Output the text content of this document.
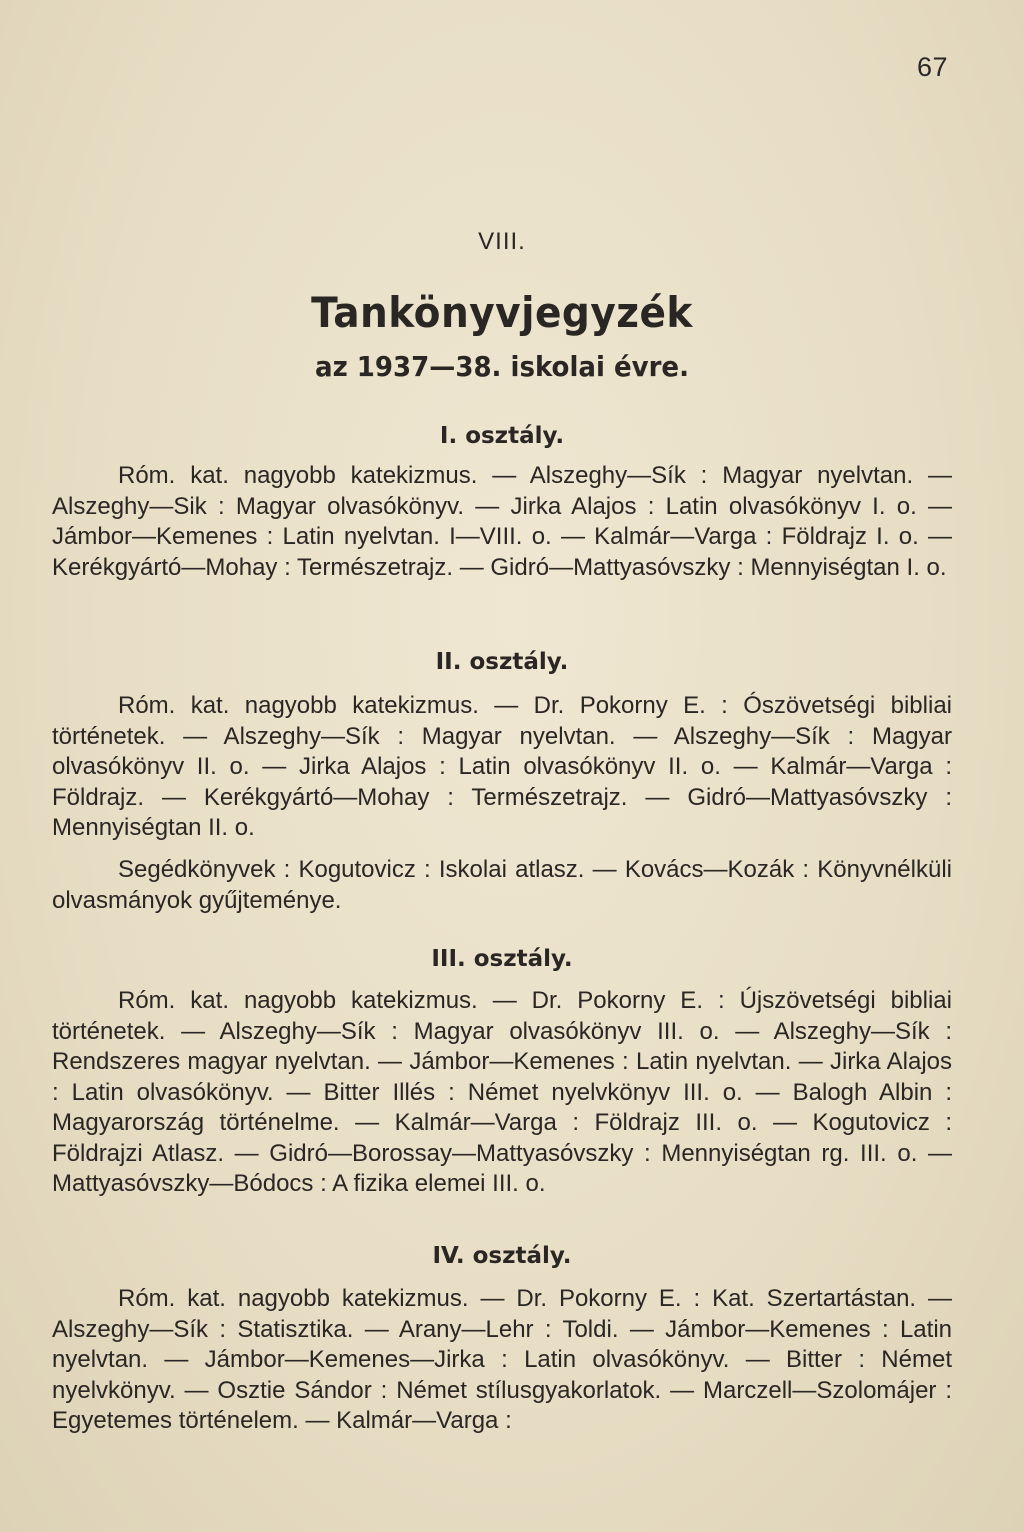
67
VIII.
Tankönyvjegyzék
az 1937—38. iskolai évre.
I. osztály.

Róm. kat. nagyobb katekizmus. — Alszeghy—Sík : Magyar nyelvtan. — Alszeghy—Sik : Magyar olvasókönyv. — Jirka Alajos : Latin olvasókönyv I. o. — Jámbor—Kemenes : Latin nyelvtan. I—VIII. o. — Kalmár—Varga : Földrajz I. o. — Kerékgyártó—Mohay : Természetrajz. — Gidró—Mattyasóvszky : Mennyiségtan I. o.

II. osztály.

Róm. kat. nagyobb katekizmus. — Dr. Pokorny E. : Ószövetségi bibliai történetek. — Alszeghy—Sík : Magyar nyelvtan. — Alszeghy—Sík : Magyar olvasókönyv II. o. — Jirka Alajos : Latin olvasókönyv II. o. — Kalmár—Varga : Földrajz. — Kerékgyártó—Mohay : Természetrajz. — Gidró—Mattyasóvszky : Mennyiségtan II. o.

Segédkönyvek : Kogutovicz : Iskolai atlasz. — Kovács—Kozák : Könyvnélküli olvasmányok gyűjteménye.

III. osztály.

Róm. kat. nagyobb katekizmus. — Dr. Pokorny E. : Újszövetségi bibliai történetek. — Alszeghy—Sík : Magyar olvasókönyv III. o. — Alszeghy—Sík : Rendszeres magyar nyelvtan. — Jámbor—Kemenes : Latin nyelvtan. — Jirka Alajos : Latin olvasókönyv. — Bitter Illés : Német nyelvkönyv III. o. — Balogh Albin : Magyarország történelme. — Kalmár—Varga : Földrajz III. o. — Kogutovicz : Földrajzi Atlasz. — Gidró—Borossay—Mattyasóvszky : Mennyiségtan rg. III. o. — Mattyasóvszky—Bódocs : A fizika elemei III. o.

IV. osztály.

Róm. kat. nagyobb katekizmus. — Dr. Pokorny E. : Kat. Szertartástan. — Alszeghy—Sík : Statisztika. — Arany—Lehr : Toldi. — Jámbor—Kemenes : Latin nyelvtan. — Jámbor—Kemenes—Jirka : Latin olvasókönyv. — Bitter : Német nyelvkönyv. — Osztie Sándor : Német stílusgyakorlatok. — Marczell—Szolomájer : Egyetemes történelem. — Kalmár—Varga :
